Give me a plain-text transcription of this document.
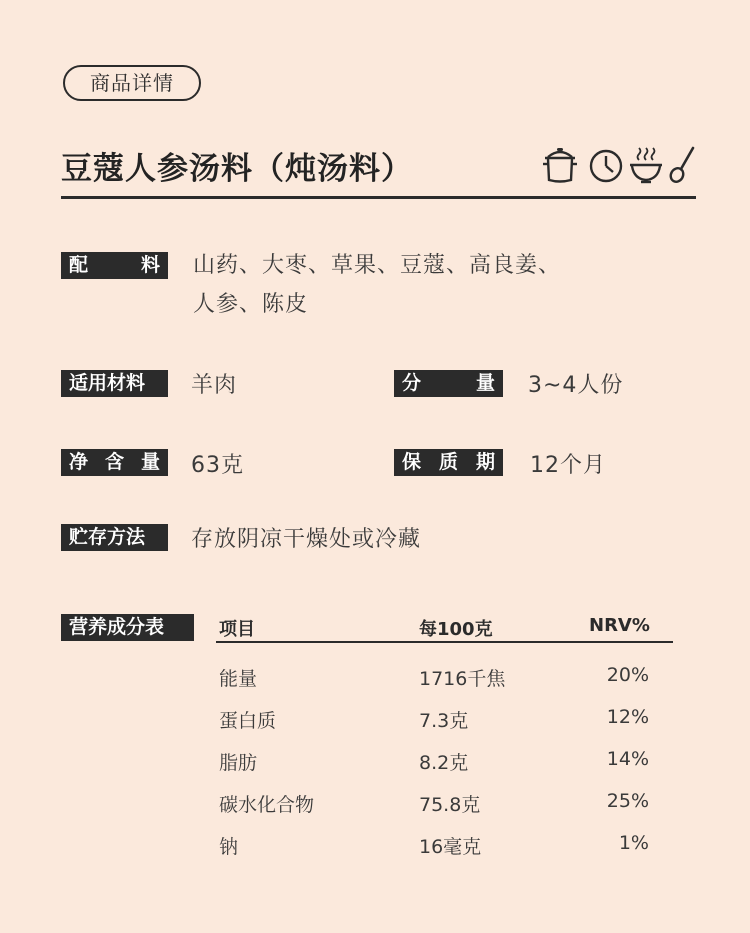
商品详情
豆蔻人参汤料（炖汤料）
配	料 山药、大枣、草果、豆蔻、高良姜、
人参、陈皮
适用材料	羊肉	分	量 3~4人份
净 含 量 63克	保 质 期 12个月
贮存方法	存放阴凉干燥处或冷藏
营养成分表	项目	每100克	NRV%
能量	1716千焦	20%
蛋白质	7.3克	12%
脂肪	8.2克	14%
碳水化合物	75.8克	25%
钠	16毫克	1%
